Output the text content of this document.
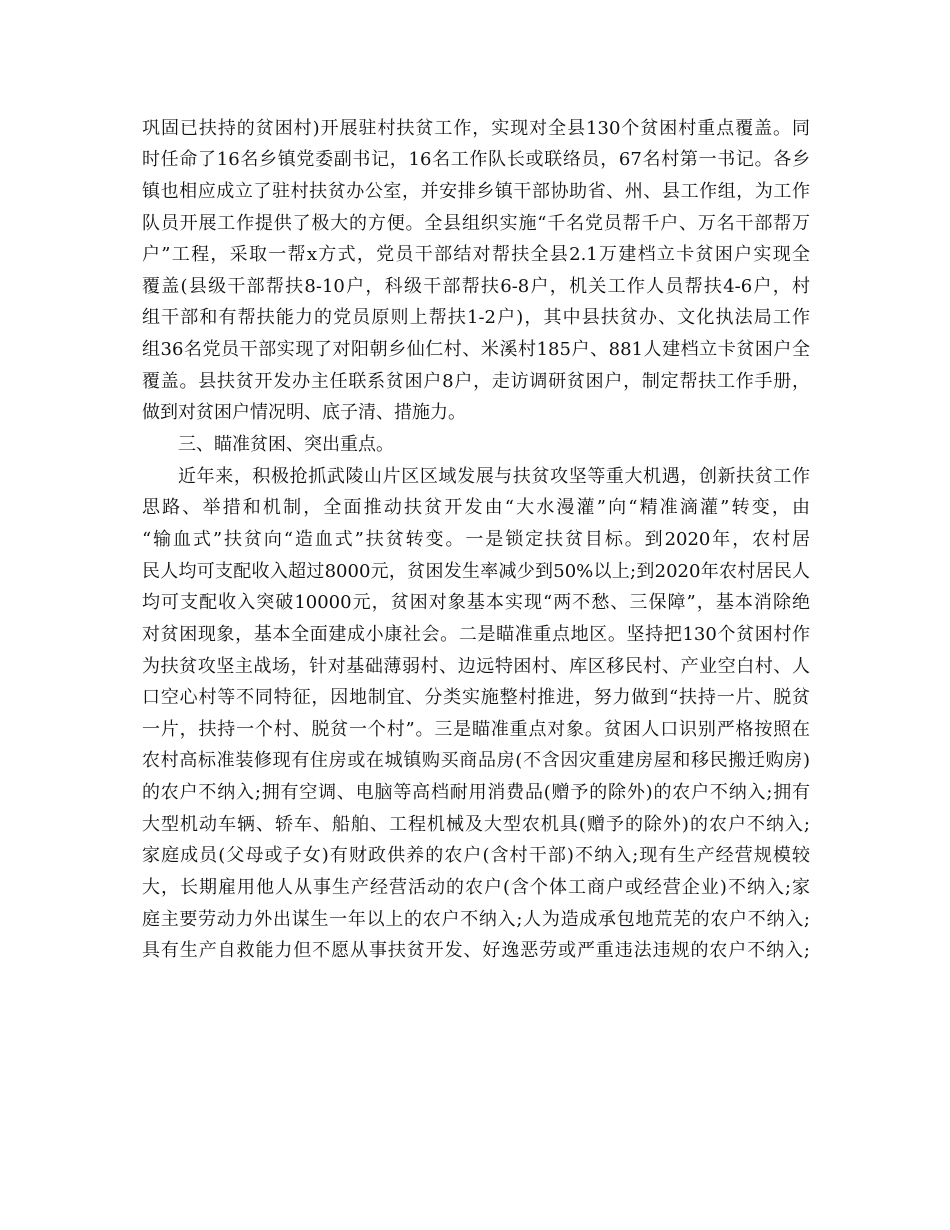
巩固已扶持的贫困村)开展驻村扶贫工作，实现对全县130个贫困村重点覆盖。同
时任命了16名乡镇党委副书记，16名工作队长或联络员，67名村第一书记。各乡
镇也相应成立了驻村扶贫办公室，并安排乡镇干部协助省、州、县工作组，为工作
队员开展工作提供了极大的方便。全县组织实施“千名党员帮千户、万名干部帮万
户”工程，采取一帮x方式，党员干部结对帮扶全县2.1万建档立卡贫困户实现全
覆盖(县级干部帮扶8-10户，科级干部帮扶6-8户，机关工作人员帮扶4-6户，村
组干部和有帮扶能力的党员原则上帮扶1-2户)，其中县扶贫办、文化执法局工作
组36名党员干部实现了对阳朝乡仙仁村、米溪村185户、881人建档立卡贫困户全
覆盖。县扶贫开发办主任联系贫困户8户，走访调研贫困户，制定帮扶工作手册，
做到对贫困户情况明、底子清、措施力。
三、瞄准贫困、突出重点。
近年来，积极抢抓武陵山片区区域发展与扶贫攻坚等重大机遇，创新扶贫工作
思路、举措和机制，全面推动扶贫开发由“大水漫灌”向“精准滴灌”转变，由
“输血式”扶贫向“造血式”扶贫转变。一是锁定扶贫目标。到2020年，农村居
民人均可支配收入超过8000元，贫困发生率减少到50%以上;到2020年农村居民人
均可支配收入突破10000元，贫困对象基本实现“两不愁、三保障”，基本消除绝
对贫困现象，基本全面建成小康社会。二是瞄准重点地区。坚持把130个贫困村作
为扶贫攻坚主战场，针对基础薄弱村、边远特困村、库区移民村、产业空白村、人
口空心村等不同特征，因地制宜、分类实施整村推进，努力做到“扶持一片、脱贫
一片，扶持一个村、脱贫一个村”。三是瞄准重点对象。贫困人口识别严格按照在
农村高标准装修现有住房或在城镇购买商品房(不含因灾重建房屋和移民搬迁购房)
的农户不纳入;拥有空调、电脑等高档耐用消费品(赠予的除外)的农户不纳入;拥有
大型机动车辆、轿车、船舶、工程机械及大型农机具(赠予的除外)的农户不纳入;
家庭成员(父母或子女)有财政供养的农户(含村干部)不纳入;现有生产经营规模较
大，长期雇用他人从事生产经营活动的农户(含个体工商户或经营企业)不纳入;家
庭主要劳动力外出谋生一年以上的农户不纳入;人为造成承包地荒芜的农户不纳入;
具有生产自救能力但不愿从事扶贫开发、好逸恶劳或严重违法违规的农户不纳入;
